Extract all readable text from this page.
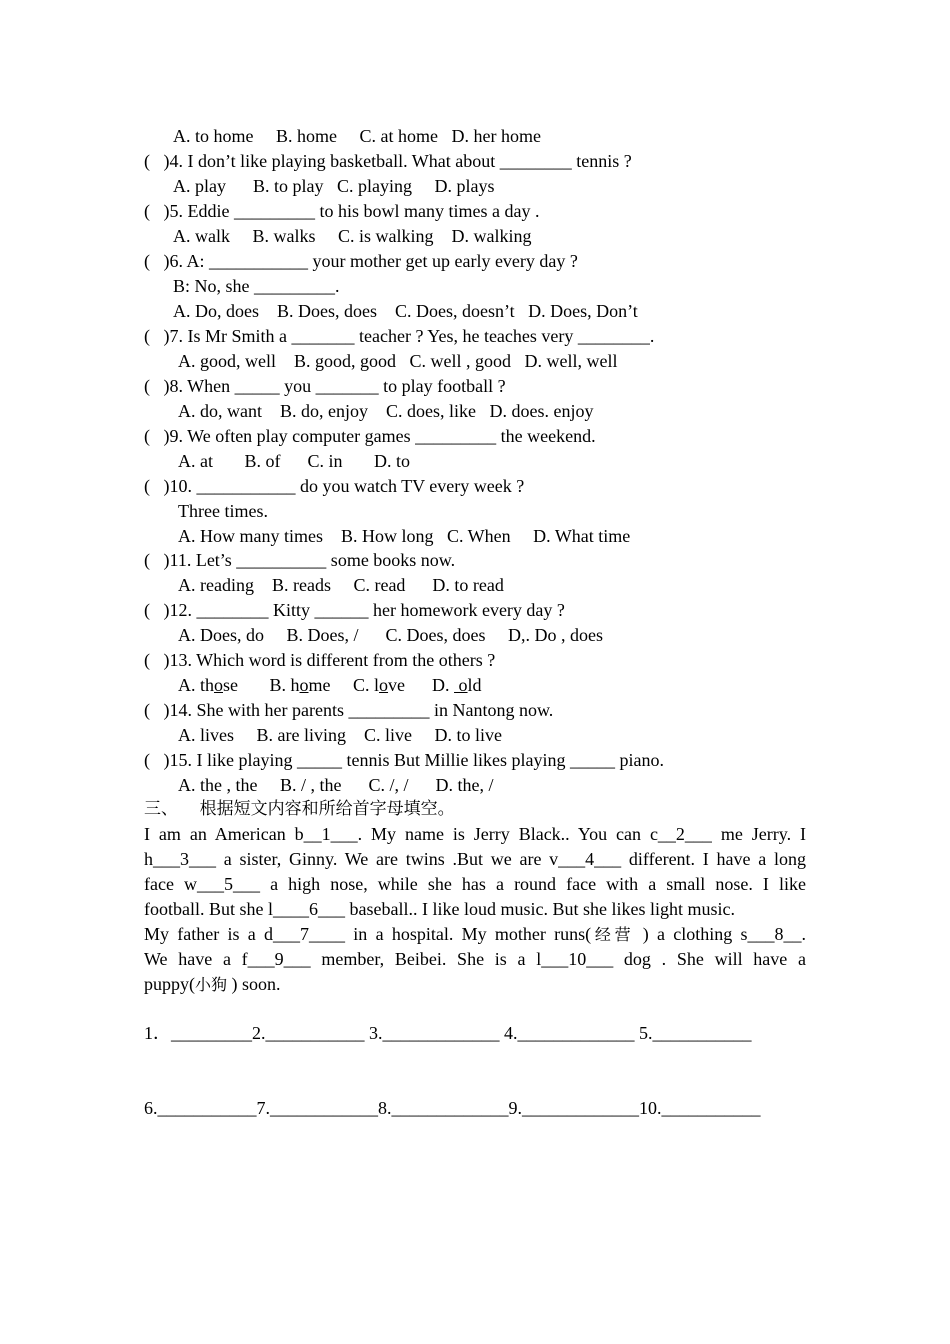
A. to home     B. home     C. at home   D. her home
(   )4. I don’t like playing basketball. What about ________ tennis ?
A. play      B. to play   C. playing     D. plays
(   )5. Eddie _________ to his bowl many times a day .
A. walk     B. walks     C. is walking    D. walking
(   )6. A: ___________ your mother get up early every day ?
B: No, she _________.
A. Do, does    B. Does, does    C. Does, doesn’t   D. Does, Don’t
(   )7. Is Mr Smith a _______ teacher ? Yes, he teaches very ________.
A. good, well    B. good, good   C. well , good   D. well, well
(   )8. When _____ you _______ to play football ?
A. do, want    B. do, enjoy    C. does, like   D. does. enjoy
(   )9. We often play computer games _________ the weekend.
A. at       B. of      C. in       D. to
(   )10. ___________ do you watch TV every week ?
Three times.
A. How many times    B. How long   C. When     D. What time
(   )11. Let’s __________ some books now.
A. reading    B. reads     C. read      D. to read
(   )12. ________ Kitty ______ her homework every day ?
A. Does, do     B. Does, /      C. Does, does     D,. Do , does
(   )13. Which word is different from the others ?
A. those B. home C. love D.  old
(   )14. She with her parents _________ in Nantong now.
A. lives     B. are living    C. live     D. to live
(   )15. I like playing _____ tennis But Millie likes playing _____ piano.
A. the , the     B. / , the      C. /, /      D. the, /
三、    根据短文内容和所给首字母填空。
I am an American b__1___. My name is Jerry Black.. You can c__2___ me Jerry. I
h___3___ a sister, Ginny. We are twins .But we are v___4___ different. I have a long
face w___5___ a high nose, while she has a round face with a small nose. I like
football. But she l____6___ baseball.. I like loud music. But she likes light music.
My father is a d___7____ in a hospital. My mother runs(经营 ) a clothing s___8__.
We have a f___9___ member, Beibei. She is a l___10___ dog . She will have a
puppy(小狗 ) soon.
1．_________2.___________ 3._____________ 4._____________ 5.___________
6.___________7.____________8._____________9._____________10.___________
